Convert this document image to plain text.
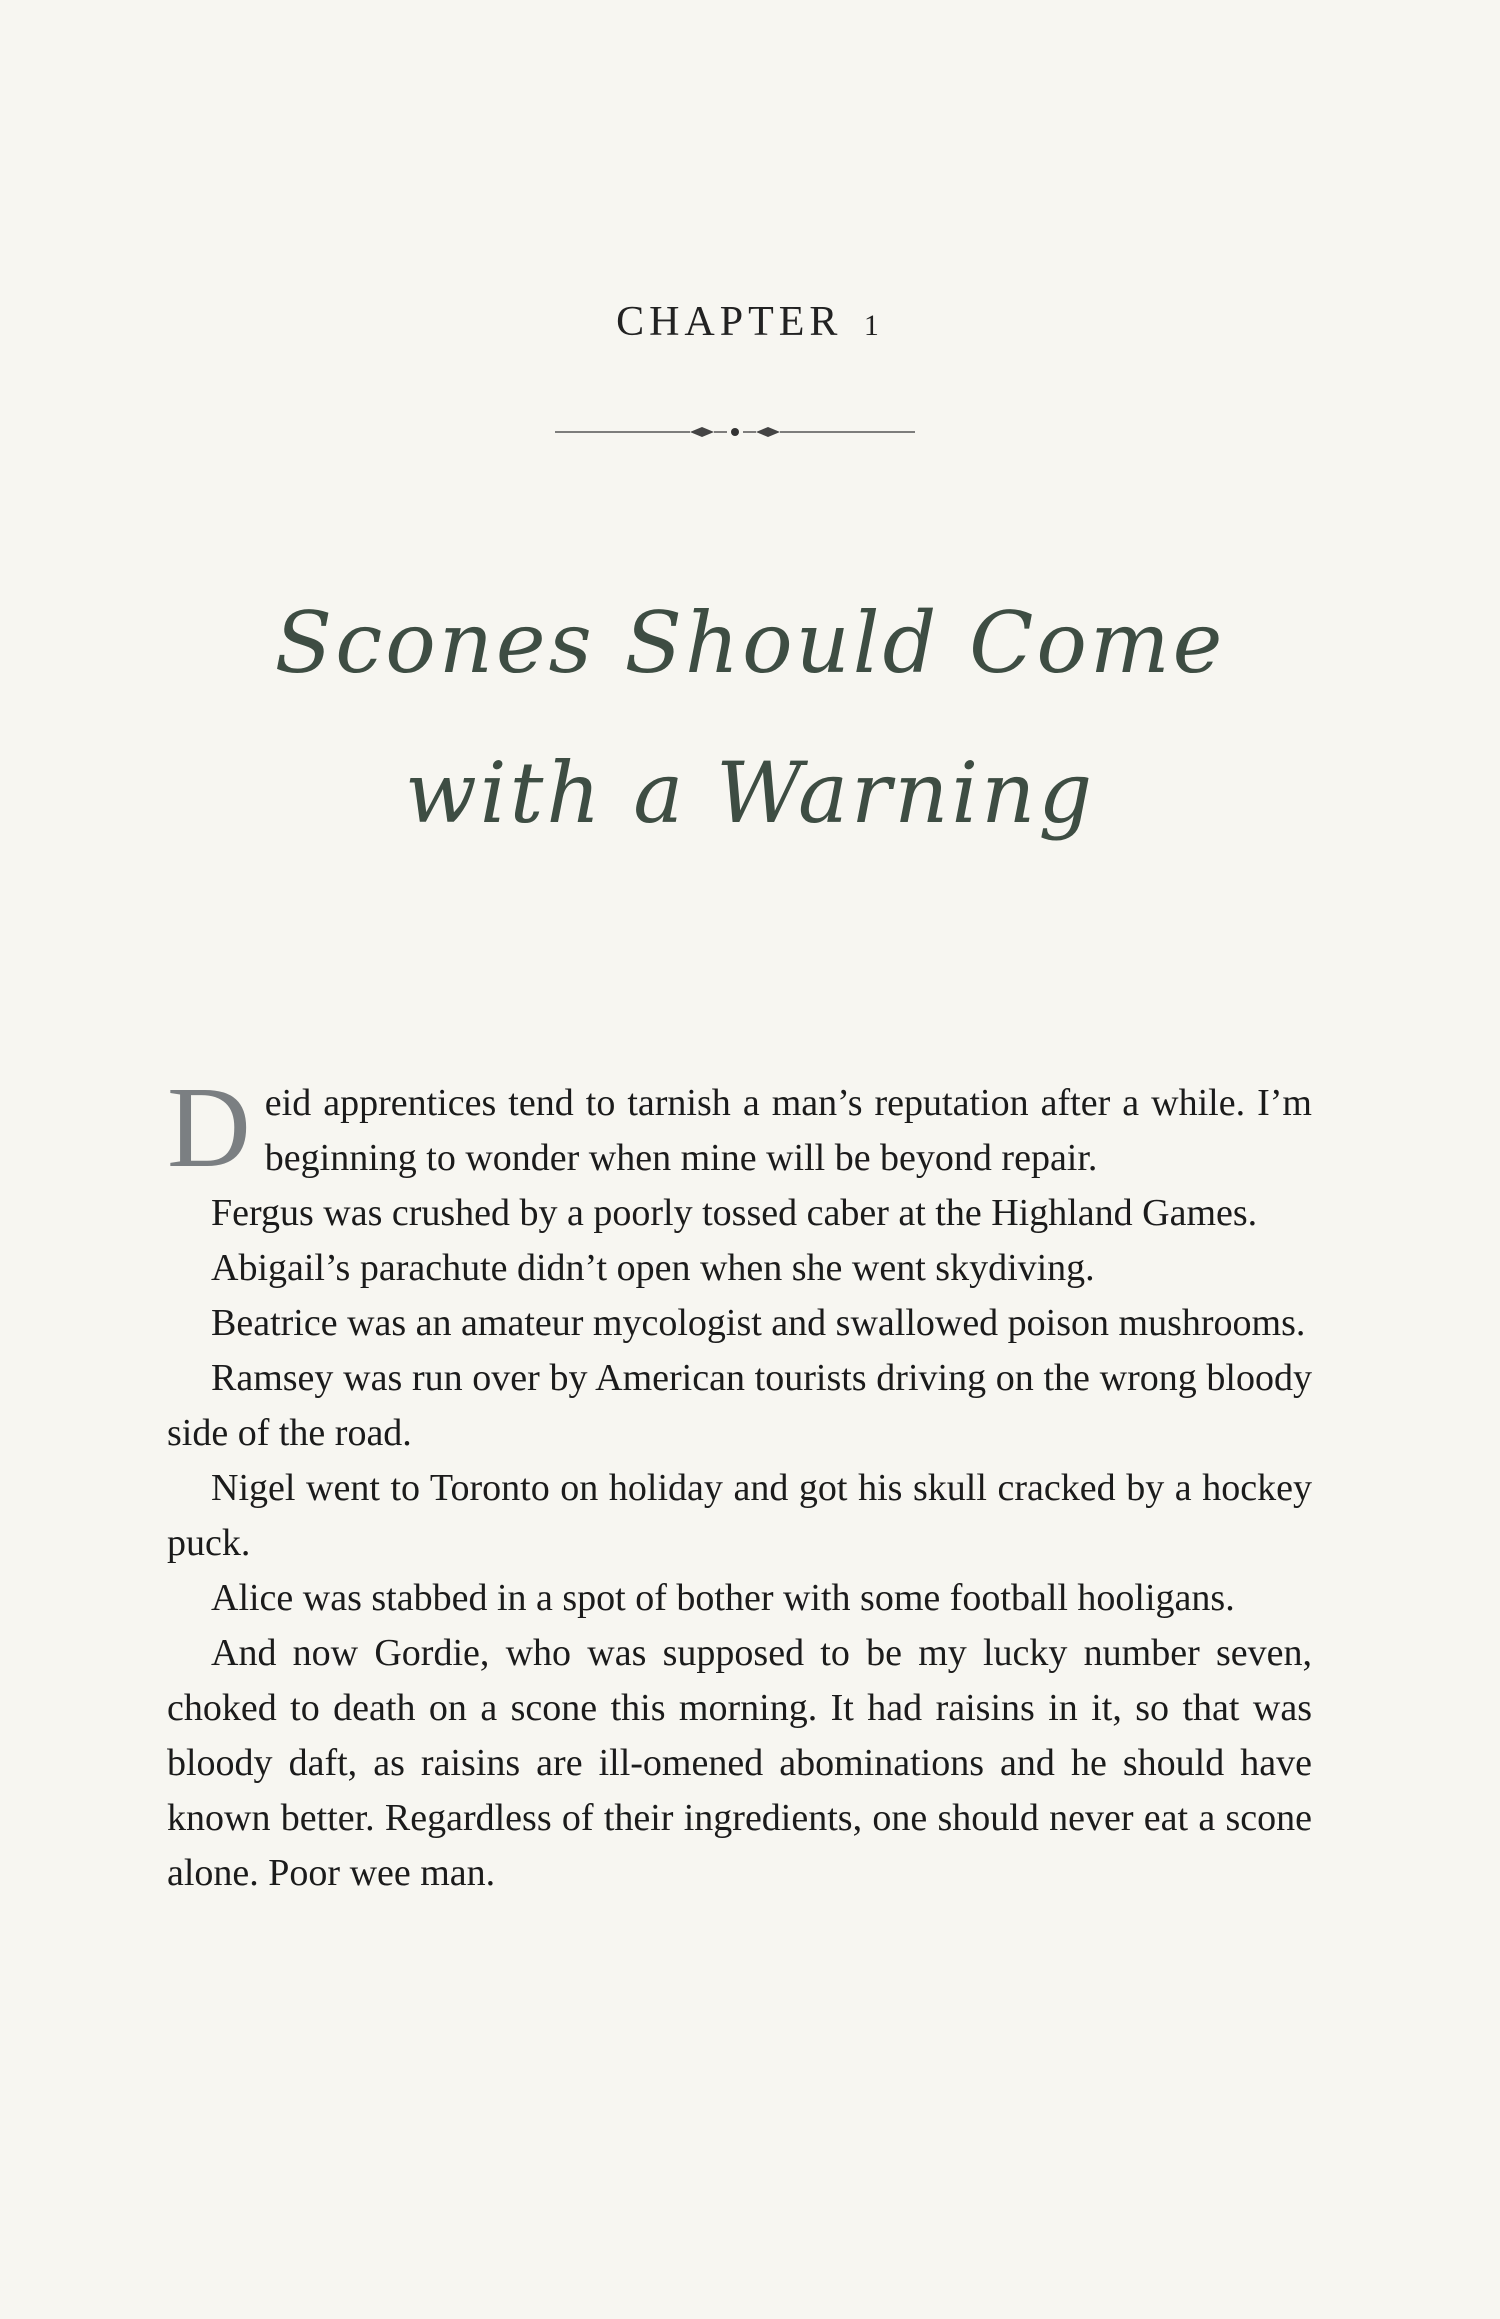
CHAPTER 1
Scones Should Come
with a Warning

Deid apprentices tend to tarnish a man’s reputation after a while. I’m beginning to wonder when mine will be beyond repair.

Fergus was crushed by a poorly tossed caber at the Highland Games.

Abigail’s parachute didn’t open when she went skydiving.

Beatrice was an amateur mycologist and swallowed poison mushrooms.

Ramsey was run over by American tourists driving on the wrong bloody side of the road.

Nigel went to Toronto on holiday and got his skull cracked by a hockey puck.

Alice was stabbed in a spot of bother with some football hooligans.

And now Gordie, who was supposed to be my lucky number seven, choked to death on a scone this morning. It had raisins in it, so that was bloody daft, as raisins are ill-omened abominations and he should have known better. Regardless of their ingredients, one should never eat a scone alone. Poor wee man.
